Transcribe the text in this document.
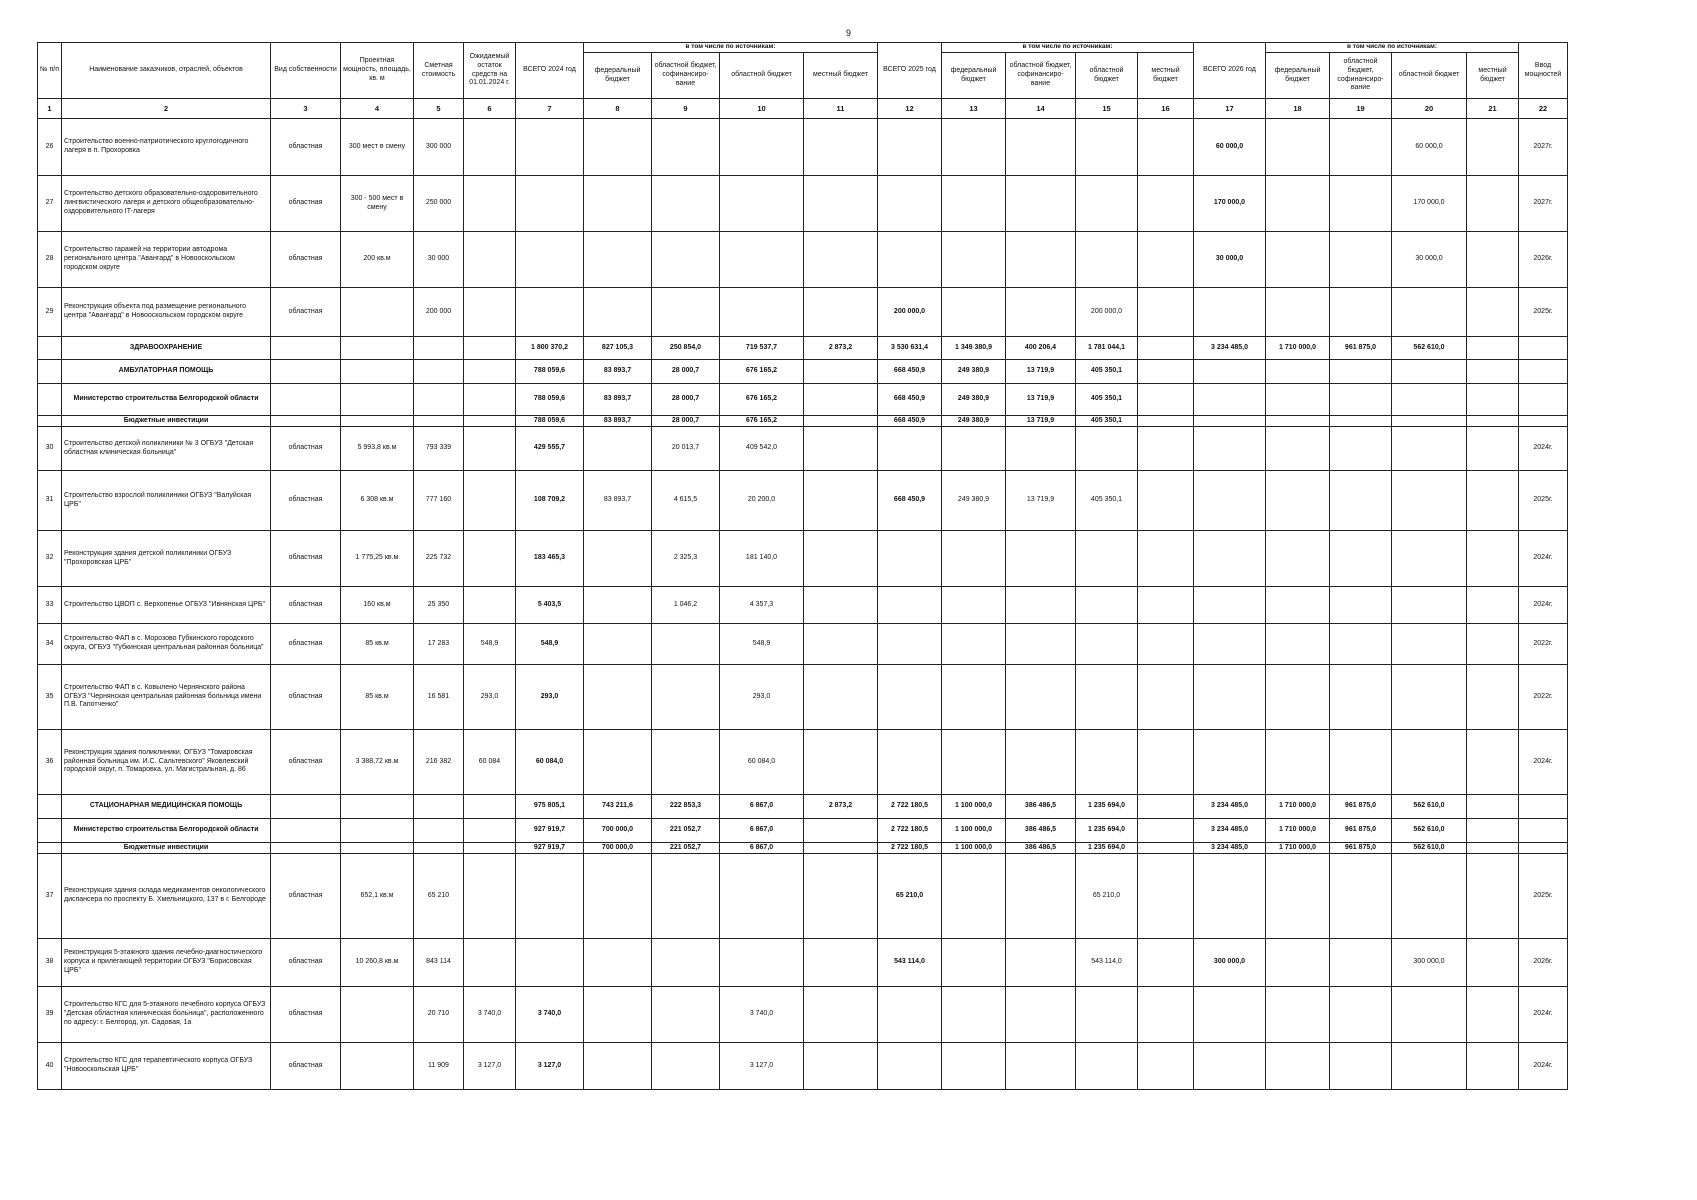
9
№ п/п	Наименование заказчиков, отраслей, объектов	Вид собственности	Проектная мощность, площадь, кв. м	Сметная стоимость	Ожидаемый остаток средств на 01.01.2024 г.	ВСЕГО 2024 год	в том числе по источникам:				ВСЕГО 2025 год	в том числе по источникам:				ВСЕГО 2026 год	в том числе по источникам:				Ввод мощностей
							федеральный бюджет	областной бюджет, софинансиро-вание	областной бюджет	местный бюджет		федеральный бюджет	областной бюджет, софинансиро-вание	областной бюджет	местный бюджет		федеральный бюджет	областной бюджет, софинансиро-вание	областной бюджет	местный бюджет	
1	2	3	4	5	6	7	8	9	10	11	12	13	14	15	16	17	18	19	20	21	22
26	Строительство военно-патриотического круглогодичного лагеря в п. Прохоровка	областная	300 мест в смену	300 000												60 000,0			60 000,0		2027г.
27	Строительство детского образовательно-оздоровительного лингвистического лагеря и детского общеобразовательно-оздоровительного IT-лагеря	областная	300 - 500 мест в смену	250 000												170 000,0			170 000,0		2027г.
28	Строительство гаражей на территории автодрома регионального центра "Авангард" в Новооскольском городском округе	областная	200 кв.м	30 000												30 000,0			30 000,0		2026г.
29	Реконструкция объекта под размещение регионального центра "Авангард" в Новооскольском городском округе	областная		200 000							200 000,0			200 000,0							2025г.
	ЗДРАВООХРАНЕНИЕ					1 800 370,2	827 105,3	250 854,0	719 537,7	2 873,2	3 530 631,4	1 349 380,9	400 206,4	1 781 044,1		3 234 485,0	1 710 000,0	961 875,0	562 610,0		
	АМБУЛАТОРНАЯ ПОМОЩЬ					788 059,6	83 893,7	28 000,7	676 165,2		668 450,9	249 380,9	13 719,9	405 350,1							
	Министерство строительства Белгородской области					788 059,6	83 893,7	28 000,7	676 165,2		668 450,9	249 380,9	13 719,9	405 350,1							
	Бюджетные инвестиции					788 059,6	83 893,7	28 000,7	676 165,2		668 450,9	249 380,9	13 719,9	405 350,1							
30	Строительство детской поликлиники № 3 ОГБУЗ "Детская областная клиническая больница"	областная	5 993,8 кв.м	793 339		429 555,7		20 013,7	409 542,0												2024г.
31	Строительство взрослой поликлиники ОГБУЗ "Валуйская ЦРБ"	областная	6 308 кв.м	777 160		108 709,2	83 893,7	4 615,5	20 200,0		668 450,9	249 380,9	13 719,9	405 350,1							2025г.
32	Реконструкция здания детской поликлиники ОГБУЗ "Прохоровская ЦРБ"	областная	1 775,25 кв.м	225 732		183 465,3		2 325,3	181 140,0												2024г.
33	Строительство ЦВОП с. Верхопенье ОГБУЗ "Ивнянская ЦРБ"	областная	160 кв.м	25 350		5 403,5		1 046,2	4 357,3												2024г.
34	Строительство ФАП в с. Морозово Губкинского городского округа, ОГБУЗ "Губкинская центральная районная больница"	областная	85 кв.м	17 283	548,9	548,9			548,9												2022г.
35	Строительство ФАП в с. Ковылено Чернянского района ОГБУЗ "Чернянская центральная районная больница имени П.В. Гапотченко"	областная	85 кв.м	16 581	293,0	293,0			293,0												2022г.
36	Реконструкция здания поликлиники, ОГБУЗ "Томаровская районная больница им. И.С. Сальтевского" Яковлевский городской округ, п. Томаровка, ул. Магистральная, д. 86	областная	3 388,72 кв.м	216 382	60 084	60 084,0			60 084,0												2024г.
	СТАЦИОНАРНАЯ МЕДИЦИНСКАЯ ПОМОЩЬ					975 805,1	743 211,6	222 853,3	6 867,0	2 873,2	2 722 180,5	1 100 000,0	386 486,5	1 235 694,0		3 234 485,0	1 710 000,0	961 875,0	562 610,0		
	Министерство строительства Белгородской области					927 919,7	700 000,0	221 052,7	6 867,0		2 722 180,5	1 100 000,0	386 486,5	1 235 694,0		3 234 485,0	1 710 000,0	961 875,0	562 610,0		
	Бюджетные инвестиции					927 919,7	700 000,0	221 052,7	6 867,0		2 722 180,5	1 100 000,0	386 486,5	1 235 694,0		3 234 485,0	1 710 000,0	961 875,0	562 610,0		
37	Реконструкция здания склада медикаментов онкологического диспансера по проспекту Б. Хмельницкого, 137 в г. Белгороде	областная	652,1 кв.м	65 210							65 210,0			65 210,0							2025г.
38	Реконструкция 5-этажного здания лечебно-диагностического корпуса и прилегающей территории ОГБУЗ "Борисовская ЦРБ"	областная	10 260,8 кв.м	843 114							543 114,0			543 114,0		300 000,0			300 000,0		2026г.
39	Строительство КГС для 5-этажного лечебного корпуса ОГБУЗ "Детская областная клиническая больница", расположенного по адресу: г. Белгород, ул. Садовая, 1а	областная		20 710	3 740,0	3 740,0			3 740,0												2024г.
40	Строительство КГС для терапевтического корпуса ОГБУЗ "Новооскольская ЦРБ"	областная		11 909	3 127,0	3 127,0			3 127,0												2024г.
